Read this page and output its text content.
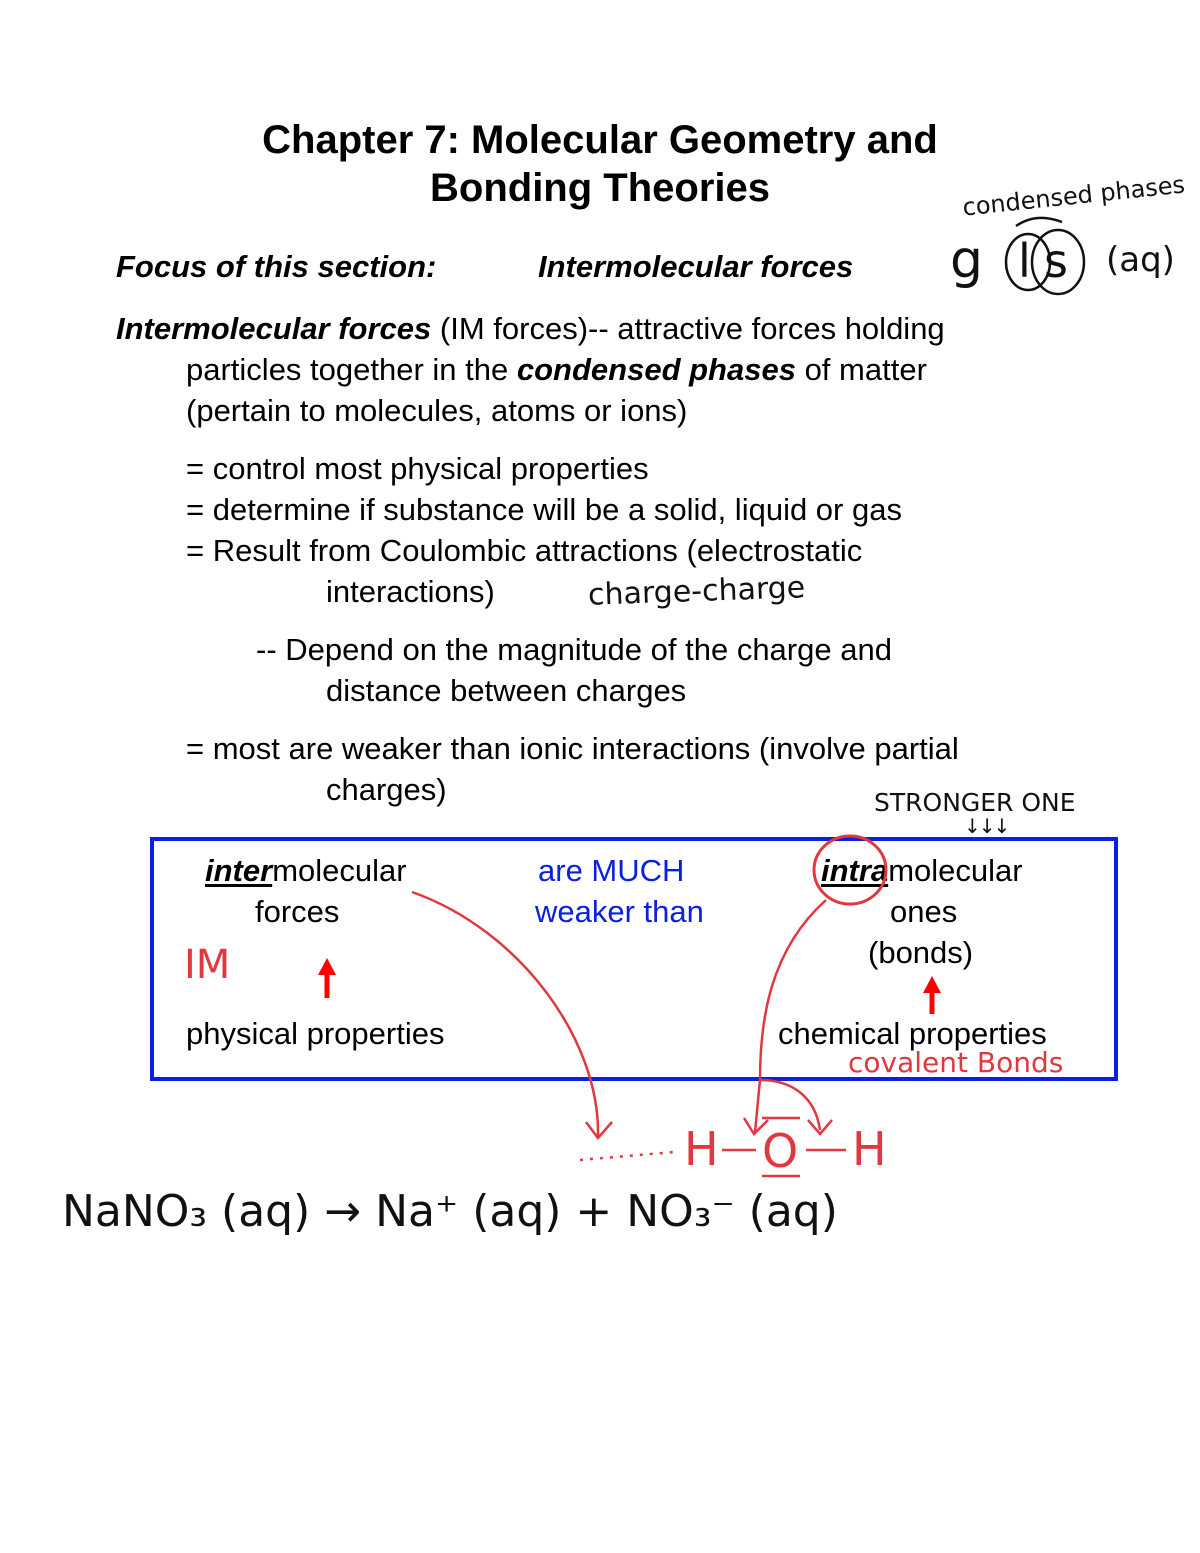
Chapter 7: Molecular Geometry and
Bonding Theories
Focus of this section:	Intermolecular forces
Intermolecular forces (IM forces)-- attractive forces holding
particles together in the condensed phases of matter
(pertain to molecules, atoms or ions)
= control most physical properties
= determine if substance will be a solid, liquid or gas
= Result from Coulombic attractions (electrostatic
interactions)
-- Depend on the magnitude of the charge and
distance between charges
= most are weaker than ionic interactions (involve partial
charges)
condensed phases
g l s (aq)
charge-charge
STRONGER ONE
↓↓↓
intermolecular
forces
are MUCH
weaker than
intramolecular
ones
(bonds)
physical properties	chemical properties
IM
covalent Bonds
H O H
NaNO₃ (aq) → Na⁺ (aq) + NO₃⁻ (aq)
